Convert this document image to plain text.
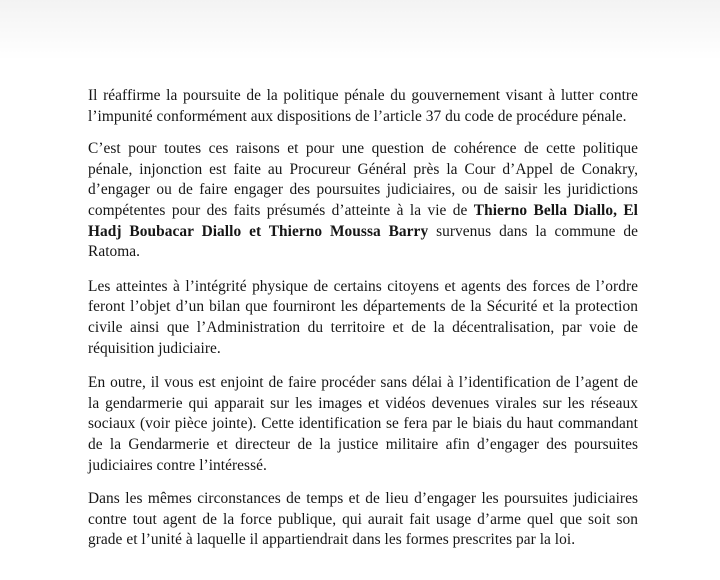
Il réaffirme la poursuite de la politique pénale du gouvernement visant à lutter contre l’impunité conformément aux dispositions de l’article 37 du code de procédure pénale.

C’est pour toutes ces raisons et pour une question de cohérence de cette politique pénale, injonction est faite au Procureur Général près la Cour d’Appel de Conakry, d’engager ou de faire engager des poursuites judiciaires, ou de saisir les juridictions compétentes pour des faits présumés d’atteinte à la vie de Thierno Bella Diallo, El Hadj Boubacar Diallo et Thierno Moussa Barry survenus dans la commune de Ratoma.

Les atteintes à l’intégrité physique de certains citoyens et agents des forces de l’ordre feront l’objet d’un bilan que fourniront les départements de la Sécurité et la protection civile ainsi que l’Administration du territoire et de la décentralisation, par voie de réquisition judiciaire.

En outre, il vous est enjoint de faire procéder sans délai à l’identification de l’agent de la gendarmerie qui apparait sur les images et vidéos devenues virales sur les réseaux sociaux (voir pièce jointe). Cette identification se fera par le biais du haut commandant de la Gendarmerie et directeur de la justice militaire afin d’engager des poursuites judiciaires contre l’intéressé.

Dans les mêmes circonstances de temps et de lieu d’engager les poursuites judiciaires contre tout agent de la force publique, qui aurait fait usage d’arme quel que soit son grade et l’unité à laquelle il appartiendrait dans les formes prescrites par la loi.
